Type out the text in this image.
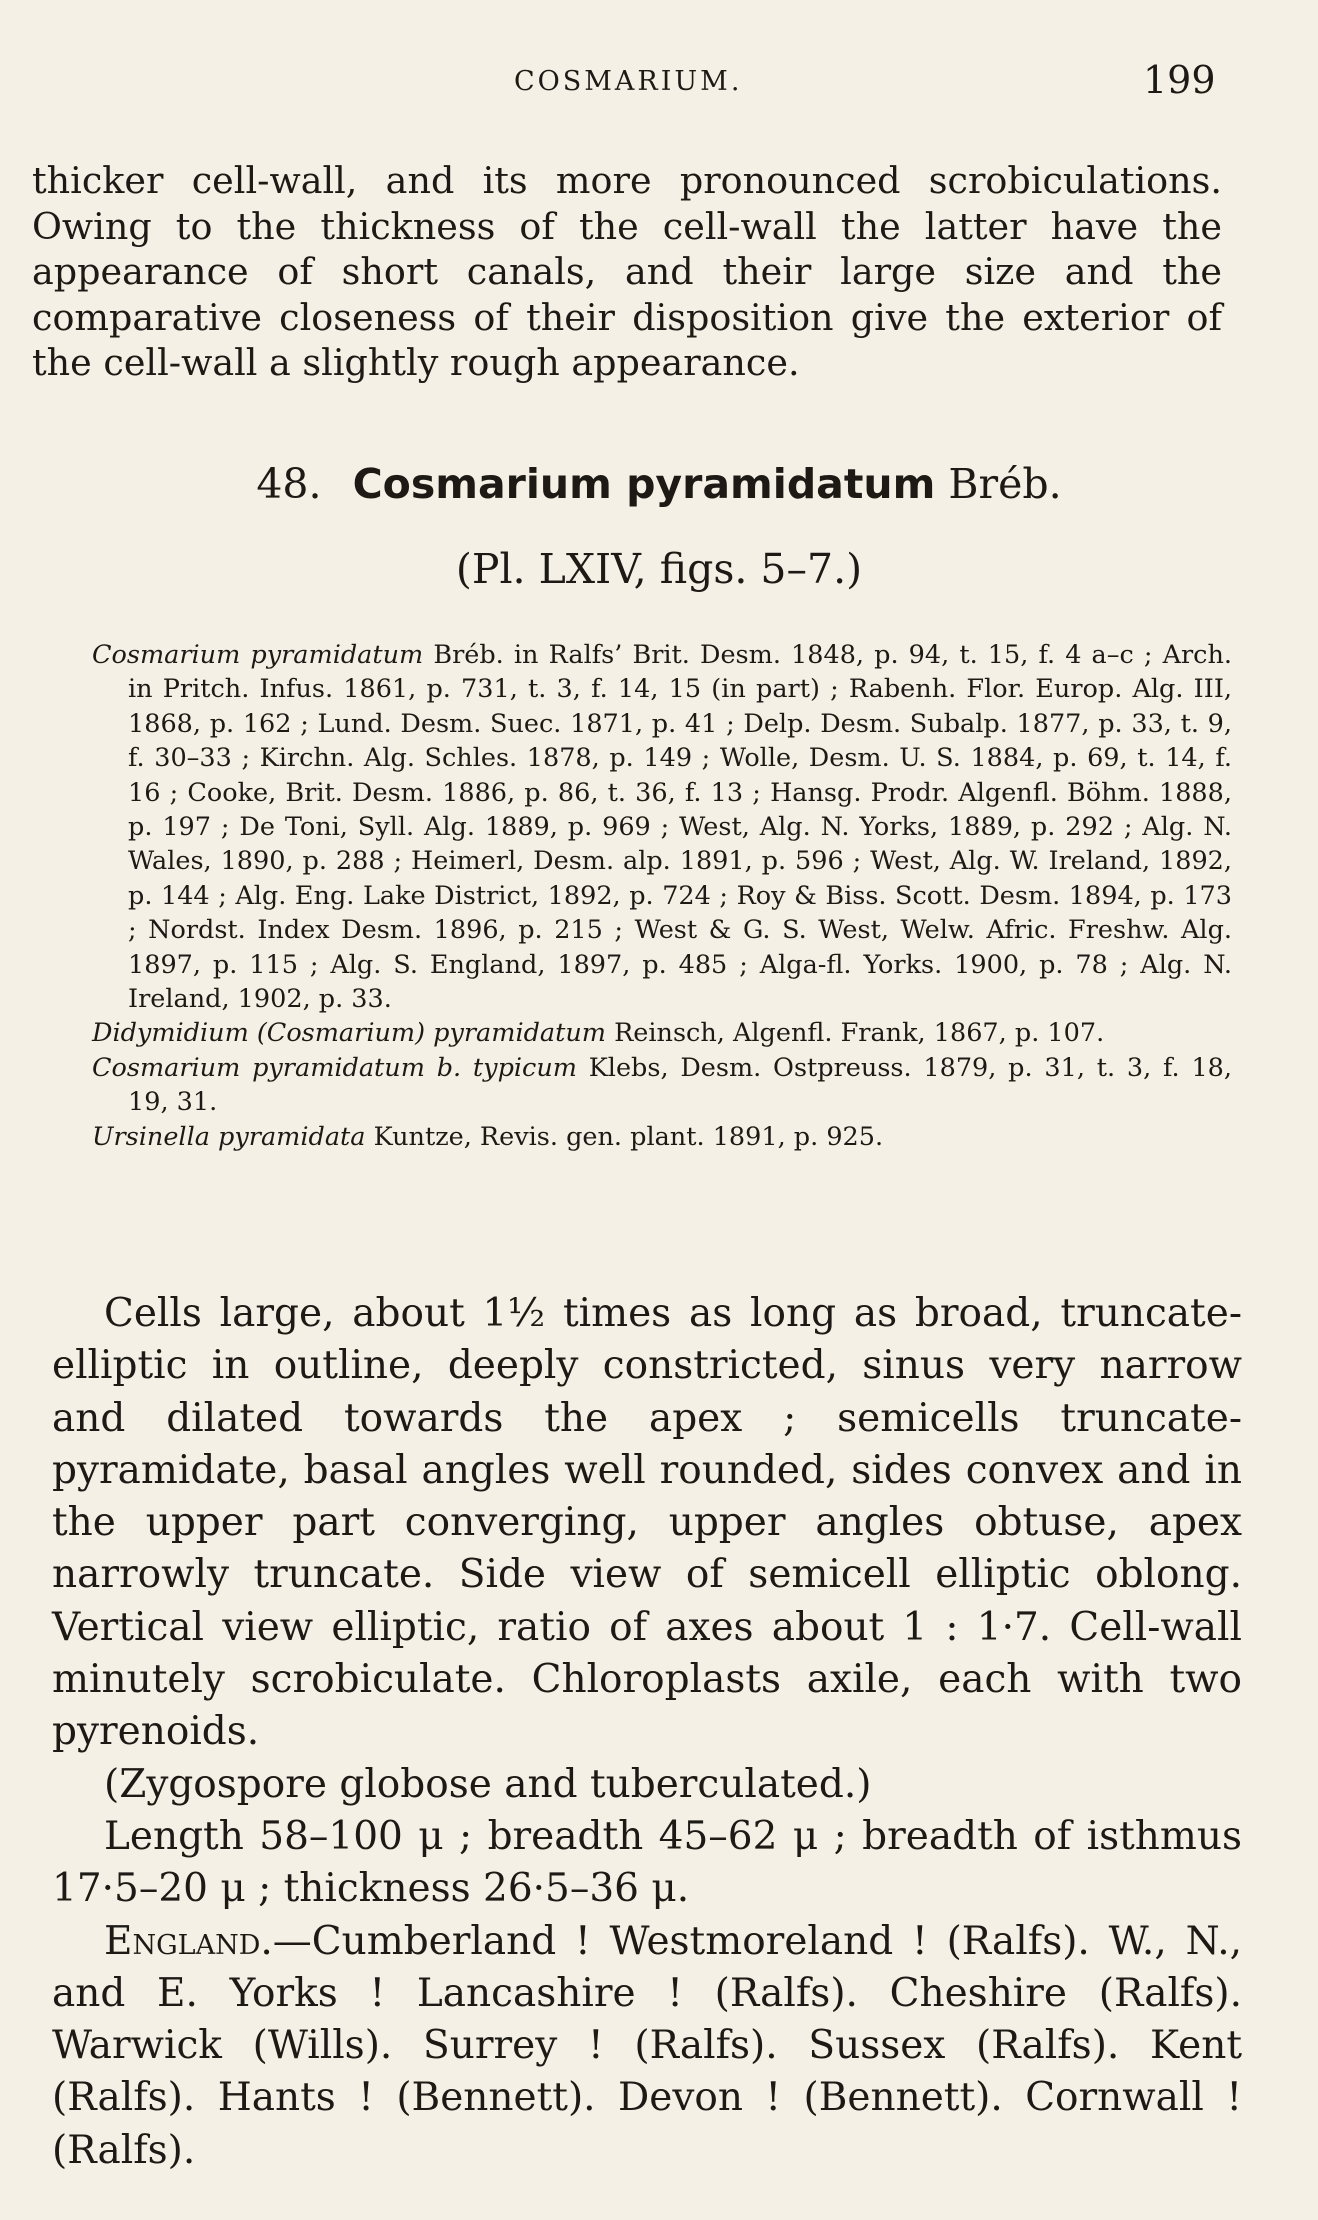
COSMARIUM.	199

thicker cell-wall, and its more pronounced scrobiculations. Owing to the thickness of the cell-wall the latter have the appearance of short canals, and their large size and the comparative closeness of their disposition give the exterior of the cell-wall a slightly rough appearance.

48. Cosmarium pyramidatum Bréb.
(Pl. LXIV, figs. 5–7.)
Cosmarium pyramidatum Bréb. in Ralfs’ Brit. Desm. 1848, p. 94, t. 15, f. 4 a–c ; Arch. in Pritch. Infus. 1861, p. 731, t. 3, f. 14, 15 (in part) ; Rabenh. Flor. Europ. Alg. III, 1868, p. 162 ; Lund. Desm. Suec. 1871, p. 41 ; Delp. Desm. Subalp. 1877, p. 33, t. 9, f. 30–33 ; Kirchn. Alg. Schles. 1878, p. 149 ; Wolle, Desm. U. S. 1884, p. 69, t. 14, f. 16 ; Cooke, Brit. Desm. 1886, p. 86, t. 36, f. 13 ; Hansg. Prodr. Algenfl. Böhm. 1888, p. 197 ; De Toni, Syll. Alg. 1889, p. 969 ; West, Alg. N. Yorks, 1889, p. 292 ; Alg. N. Wales, 1890, p. 288 ; Heimerl, Desm. alp. 1891, p. 596 ; West, Alg. W. Ireland, 1892, p. 144 ; Alg. Eng. Lake District, 1892, p. 724 ; Roy & Biss. Scott. Desm. 1894, p. 173 ; Nordst. Index Desm. 1896, p. 215 ; West & G. S. West, Welw. Afric. Freshw. Alg. 1897, p. 115 ; Alg. S. England, 1897, p. 485 ; Alga-fl. Yorks. 1900, p. 78 ; Alg. N. Ireland, 1902, p. 33.
Didymidium (Cosmarium) pyramidatum Reinsch, Algenfl. Frank, 1867, p. 107.
Cosmarium pyramidatum b. typicum Klebs, Desm. Ostpreuss. 1879, p. 31, t. 3, f. 18, 19, 31.
Ursinella pyramidata Kuntze, Revis. gen. plant. 1891, p. 925.

Cells large, about 1½ times as long as broad, truncate-elliptic in outline, deeply constricted, sinus very narrow and dilated towards the apex ; semicells truncate-pyramidate, basal angles well rounded, sides convex and in the upper part converging, upper angles obtuse, apex narrowly truncate. Side view of semicell elliptic oblong. Vertical view elliptic, ratio of axes about 1 : 1·7. Cell-wall minutely scrobiculate. Chloroplasts axile, each with two pyrenoids.

(Zygospore globose and tuberculated.)

Length 58–100 μ ; breadth 45–62 μ ; breadth of isthmus 17·5–20 μ ; thickness 26·5–36 μ.

England.—Cumberland ! Westmoreland ! (Ralfs). W., N., and E. Yorks ! Lancashire ! (Ralfs). Cheshire (Ralfs). Warwick (Wills). Surrey ! (Ralfs). Sussex (Ralfs). Kent (Ralfs). Hants ! (Bennett). Devon ! (Bennett). Cornwall ! (Ralfs).
